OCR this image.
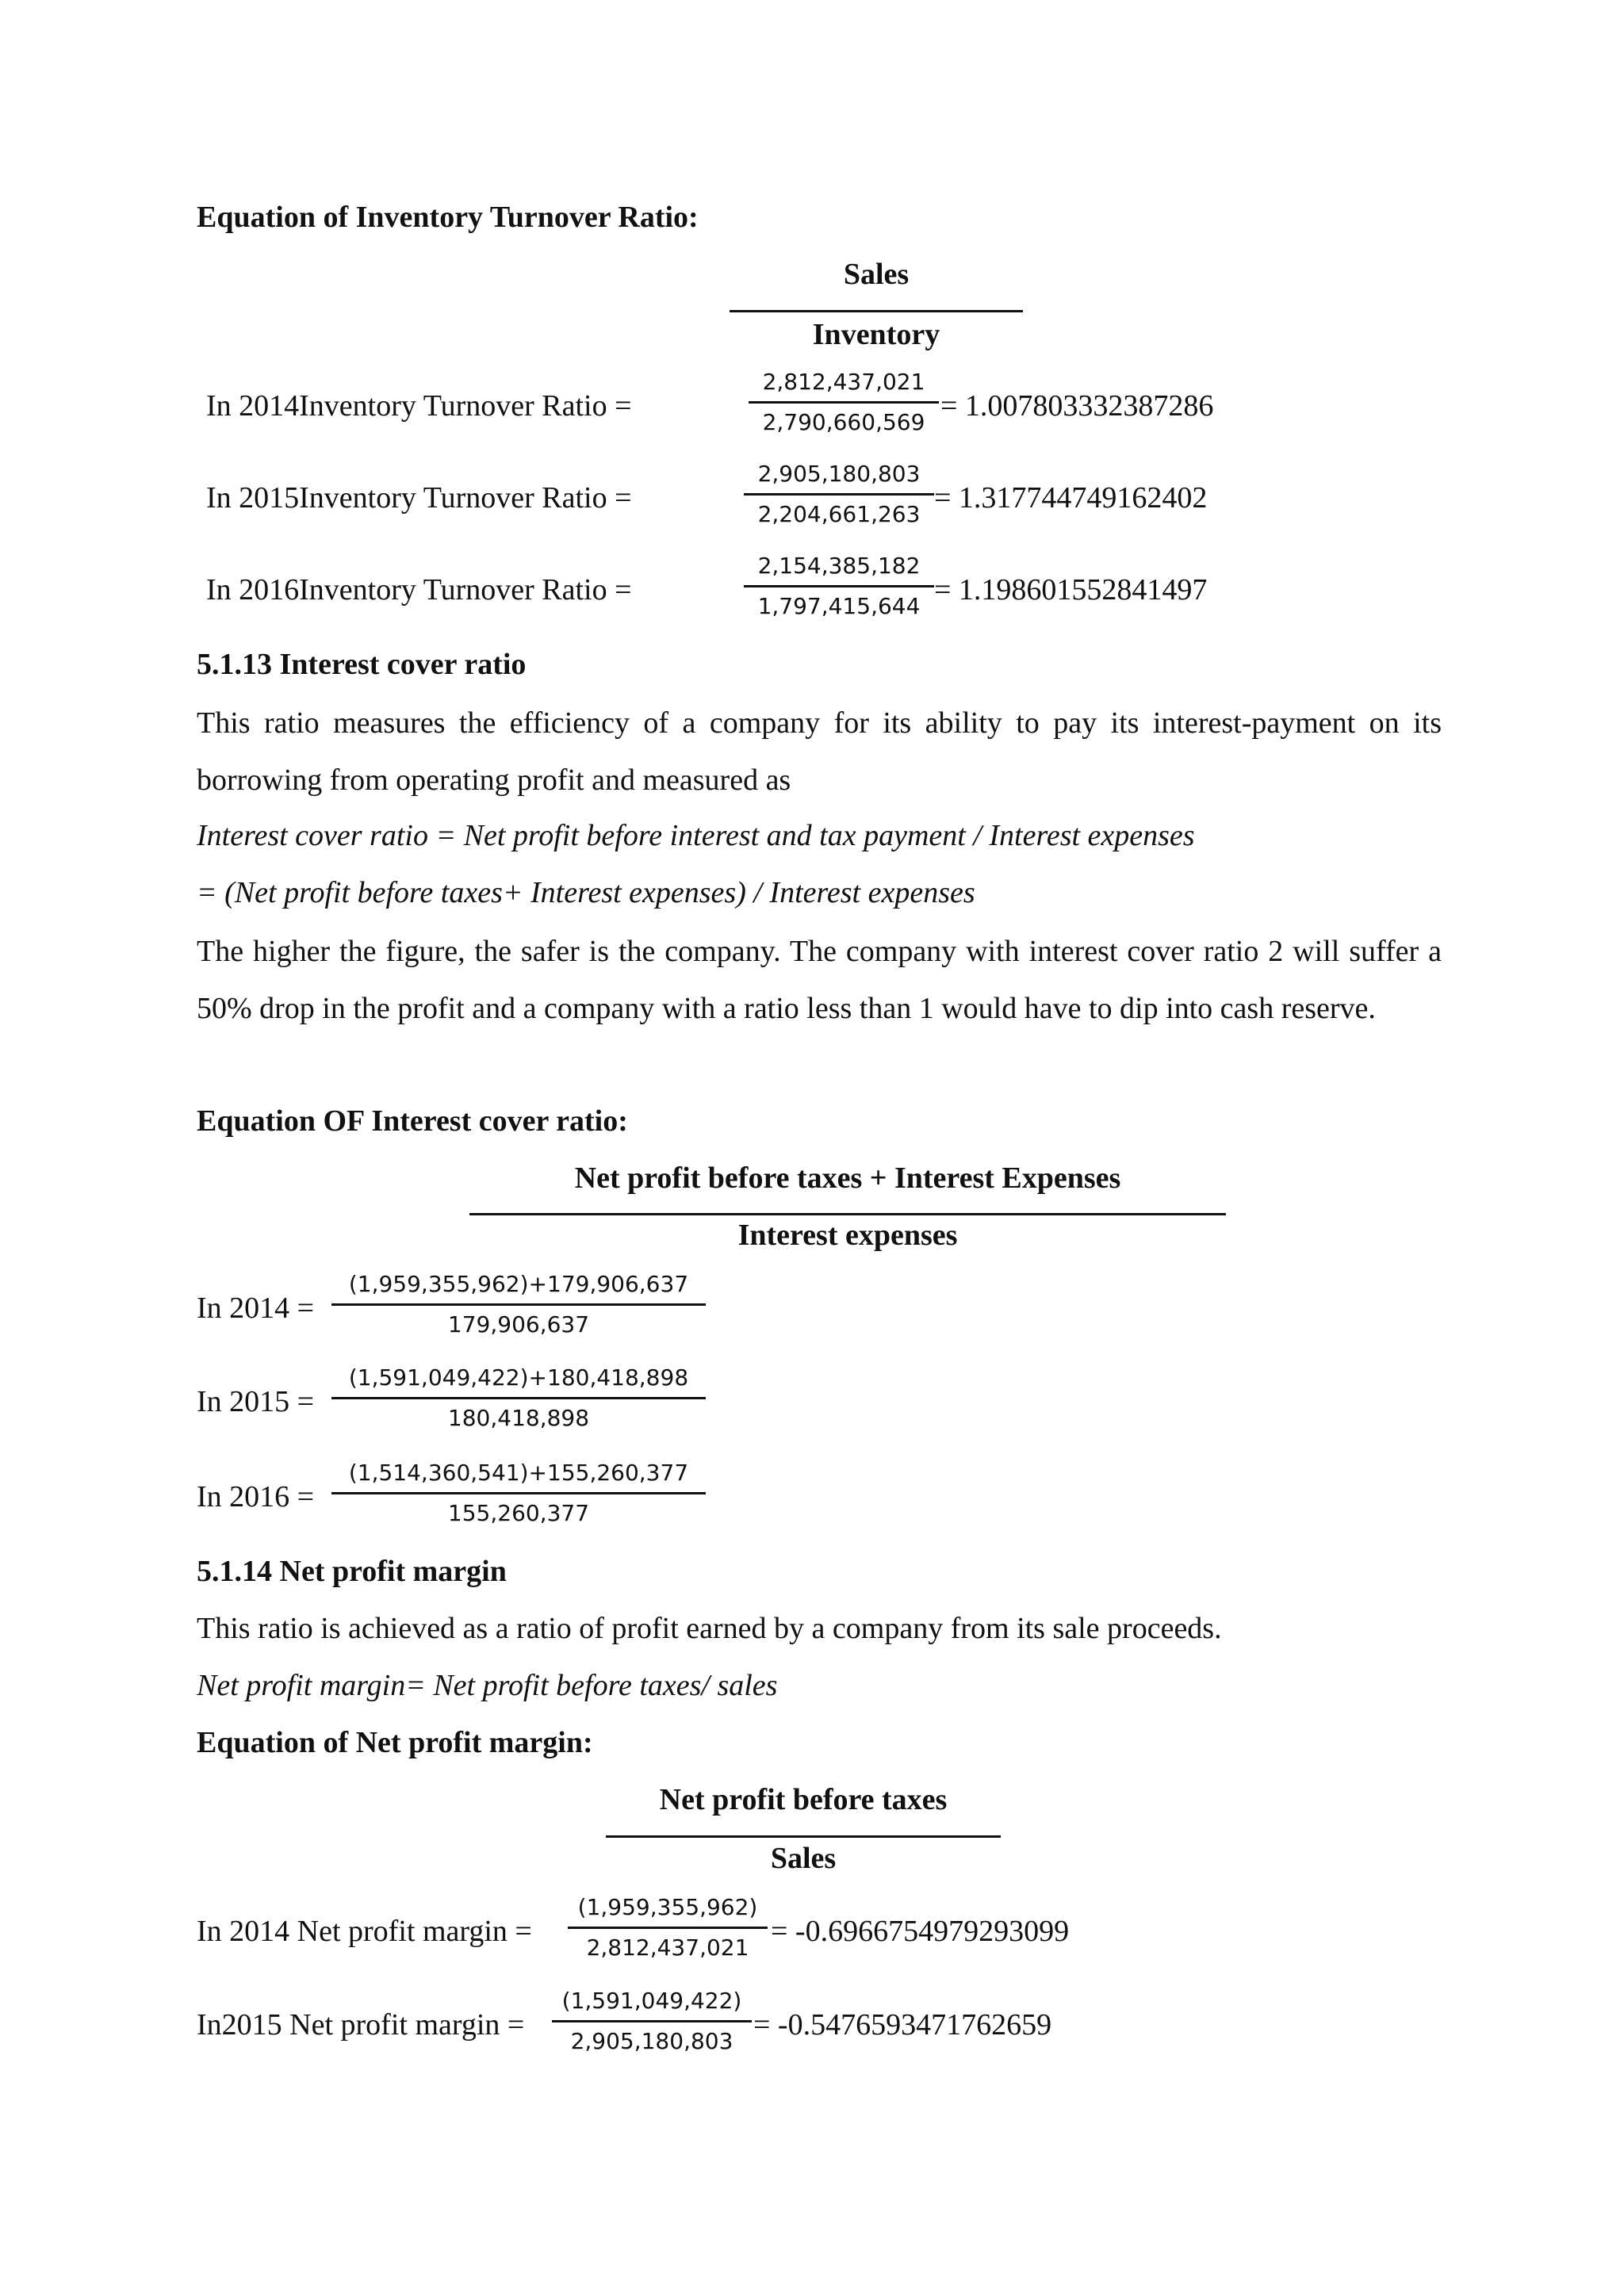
Equation of Inventory Turnover Ratio:
Sales
Inventory
In 2014Inventory Turnover Ratio =
2,812,437,021
2,790,660,569 = 1.007803332387286
In 2015Inventory Turnover Ratio =
2,905,180,803
2,204,661,263 = 1.317744749162402
In 2016Inventory Turnover Ratio =
2,154,385,182
1,797,415,644 = 1.198601552841497
5.1.13 Interest cover ratio
This ratio measures the efficiency of a company for its ability to pay its interest-payment on its borrowing from operating profit and measured as
Interest cover ratio = Net profit before interest and tax payment / Interest expenses
= (Net profit before taxes+ Interest expenses) / Interest expenses
The higher the figure, the safer is the company. The company with interest cover ratio 2 will suffer a 50% drop in the profit and a company with a ratio less than 1 would have to dip into cash reserve.
Equation OF Interest cover ratio:
Net profit before taxes + Interest Expenses
Interest expenses
In 2014 =
(1,959,355,962)+179,906,637
179,906,637
In 2015 =
(1,591,049,422)+180,418,898
180,418,898
In 2016 =
(1,514,360,541)+155,260,377
155,260,377
5.1.14 Net profit margin
This ratio is achieved as a ratio of profit earned by a company from its sale proceeds.
Net profit margin= Net profit before taxes/ sales
Equation of Net profit margin:
Net profit before taxes
Sales
In 2014 Net profit margin =
(1,959,355,962)
2,812,437,021 = -0.6966754979293099
In2015 Net profit margin =
(1,591,049,422)
2,905,180,803 = -0.5476593471762659
